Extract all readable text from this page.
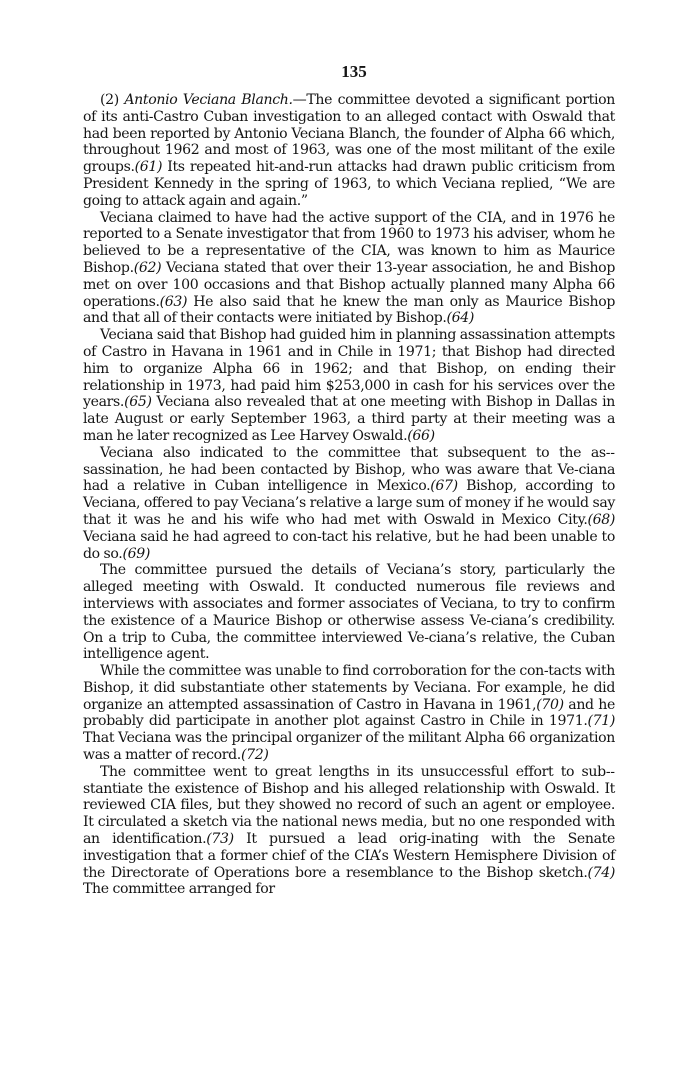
135

(2) Antonio Veciana Blanch.—The committee devoted a significant portion of its anti-Castro Cuban investigation to an alleged contact with Oswald that had been reported by Antonio Veciana Blanch, the founder of Alpha 66 which, throughout 1962 and most of 1963, was one of the most militant of the exile groups.(61) Its repeated hit-and-run attacks had drawn public criticism from President Kennedy in the spring of 1963, to which Veciana replied, “We are going to attack again and again.”

Veciana claimed to have had the active support of the CIA, and in 1976 he reported to a Senate investigator that from 1960 to 1973 his adviser, whom he believed to be a representative of the CIA, was known to him as Maurice Bishop.(62) Veciana stated that over their 13-year association, he and Bishop met on over 100 occasions and that Bishop actually planned many Alpha 66 operations.(63) He also said that he knew the man only as Maurice Bishop and that all of their contacts were initiated by Bishop.(64)

Veciana said that Bishop had guided him in planning assassination attempts of Castro in Havana in 1961 and in Chile in 1971; that Bishop had directed him to organize Alpha 66 in 1962; and that Bishop, on ending their relationship in 1973, had paid him $253,000 in cash for his services over the years.(65) Veciana also revealed that at one meeting with Bishop in Dallas in late August or early September 1963, a third party at their meeting was a man he later recognized as Lee Harvey Oswald.(66)

Veciana also indicated to the committee that subsequent to the as-sassination, he had been contacted by Bishop, who was aware that Ve-ciana had a relative in Cuban intelligence in Mexico.(67) Bishop, according to Veciana, offered to pay Veciana’s relative a large sum of money if he would say that it was he and his wife who had met with Oswald in Mexico City.(68) Veciana said he had agreed to con-tact his relative, but he had been unable to do so.(69)

The committee pursued the details of Veciana’s story, particularly the alleged meeting with Oswald. It conducted numerous file reviews and interviews with associates and former associates of Veciana, to try to confirm the existence of a Maurice Bishop or otherwise assess Ve-ciana’s credibility. On a trip to Cuba, the committee interviewed Ve-ciana’s relative, the Cuban intelligence agent.

While the committee was unable to find corroboration for the con-tacts with Bishop, it did substantiate other statements by Veciana. For example, he did organize an attempted assassination of Castro in Havana in 1961,(70) and he probably did participate in another plot against Castro in Chile in 1971.(71) That Veciana was the principal organizer of the militant Alpha 66 organization was a matter of record.(72)

The committee went to great lengths in its unsuccessful effort to sub-stantiate the existence of Bishop and his alleged relationship with Oswald. It reviewed CIA files, but they showed no record of such an agent or employee. It circulated a sketch via the national news media, but no one responded with an identification.(73) It pursued a lead orig-inating with the Senate investigation that a former chief of the CIA’s Western Hemisphere Division of the Directorate of Operations bore a resemblance to the Bishop sketch.(74) The committee arranged for
